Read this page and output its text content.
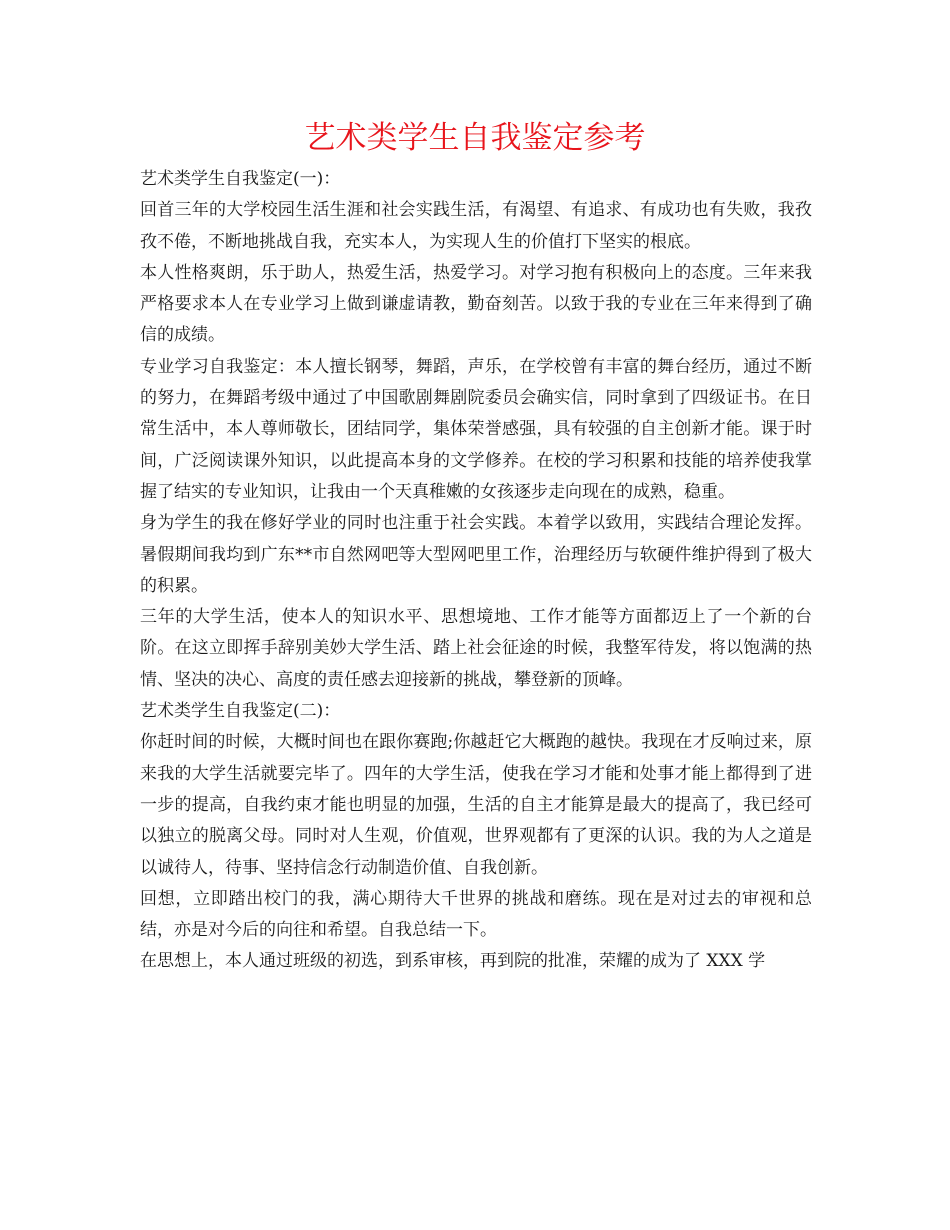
艺术类学生自我鉴定参考

艺术类学生自我鉴定(一)：

回首三年的大学校园生活生涯和社会实践生活，有渴望、有追求、有成功也有失败，我孜孜不倦，不断地挑战自我，充实本人，为实现人生的价值打下坚实的根底。

本人性格爽朗，乐于助人，热爱生活，热爱学习。对学习抱有积极向上的态度。三年来我严格要求本人在专业学习上做到谦虚请教，勤奋刻苦。以致于我的专业在三年来得到了确信的成绩。

专业学习自我鉴定：本人擅长钢琴，舞蹈，声乐，在学校曾有丰富的舞台经历，通过不断的努力，在舞蹈考级中通过了中国歌剧舞剧院委员会确实信，同时拿到了四级证书。在日常生活中，本人尊师敬长，团结同学，集体荣誉感强，具有较强的自主创新才能。课于时间，广泛阅读课外知识，以此提高本身的文学修养。在校的学习积累和技能的培养使我掌握了结实的专业知识，让我由一个天真稚嫩的女孩逐步走向现在的成熟，稳重。

身为学生的我在修好学业的同时也注重于社会实践。本着学以致用，实践结合理论发挥。暑假期间我均到广东**市自然网吧等大型网吧里工作，治理经历与软硬件维护得到了极大的积累。

三年的大学生活，使本人的知识水平、思想境地、工作才能等方面都迈上了一个新的台阶。在这立即挥手辞别美妙大学生活、踏上社会征途的时候，我整军待发，将以饱满的热情、坚决的决心、高度的责任感去迎接新的挑战，攀登新的顶峰。

艺术类学生自我鉴定(二)：

你赶时间的时候，大概时间也在跟你赛跑;你越赶它大概跑的越快。我现在才反响过来，原来我的大学生活就要完毕了。四年的大学生活，使我在学习才能和处事才能上都得到了进一步的提高，自我约束才能也明显的加强，生活的自主才能算是最大的提高了，我已经可以独立的脱离父母。同时对人生观，价值观，世界观都有了更深的认识。我的为人之道是以诚待人，待事、坚持信念行动制造价值、自我创新。

回想，立即踏出校门的我，满心期待大千世界的挑战和磨练。现在是对过去的审视和总结，亦是对今后的向往和希望。自我总结一下。

在思想上，本人通过班级的初选，到系审核，再到院的批准，荣耀的成为了 XXX 学
